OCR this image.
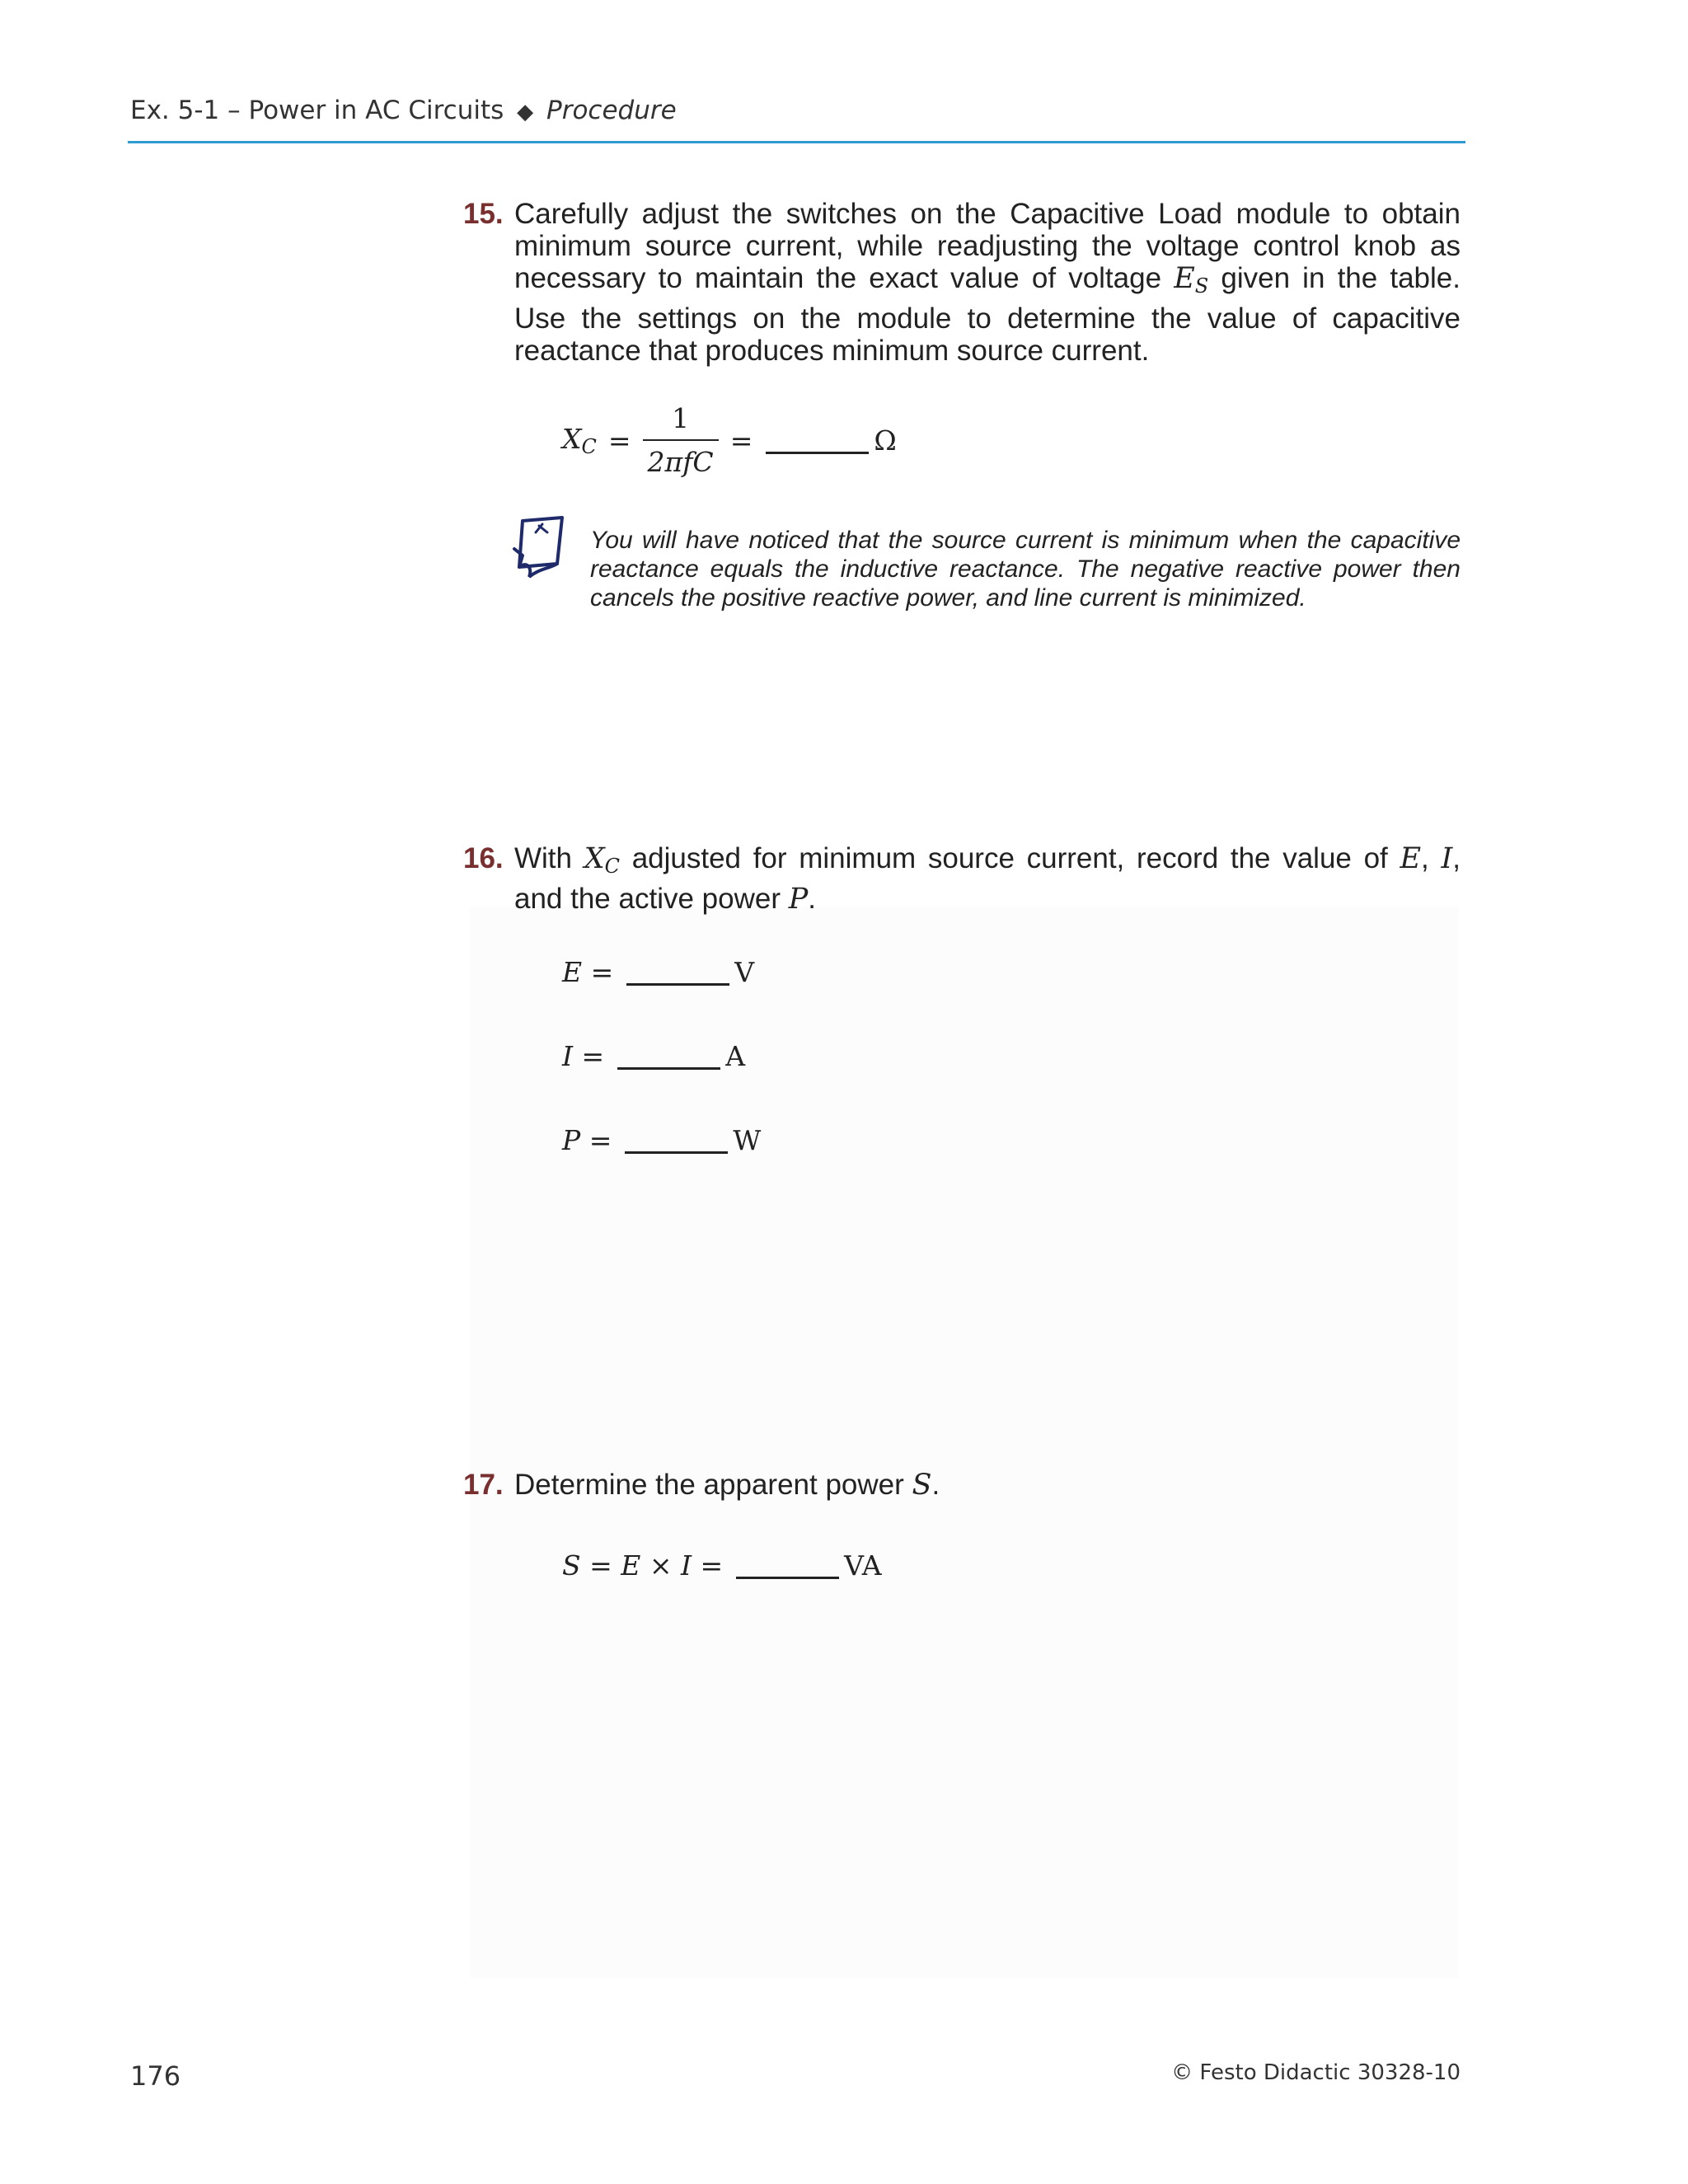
Ex. 5-1 – Power in AC Circuits ◆ Procedure
15. Carefully adjust the switches on the Capacitive Load module to obtain minimum source current, while readjusting the voltage control knob as necessary to maintain the exact value of voltage $E_S$ given in the table. Use the settings on the module to determine the value of capacitive reactance that produces minimum source current.
$X_C = \frac{1}{\text{2πfC}}$ =	Ω
You will have noticed that the source current is minimum when the capacitive reactance equals the inductive reactance. The negative reactive power then cancels the positive reactive power, and line current is minimized.
16. With $X_C$ adjusted for minimum source current, record the value of E, I, and the active power P.
E =	V
I =	A
P =	W
17. Determine the apparent power S.
S = E × I =	VA
176	© Festo Didactic 30328-10
